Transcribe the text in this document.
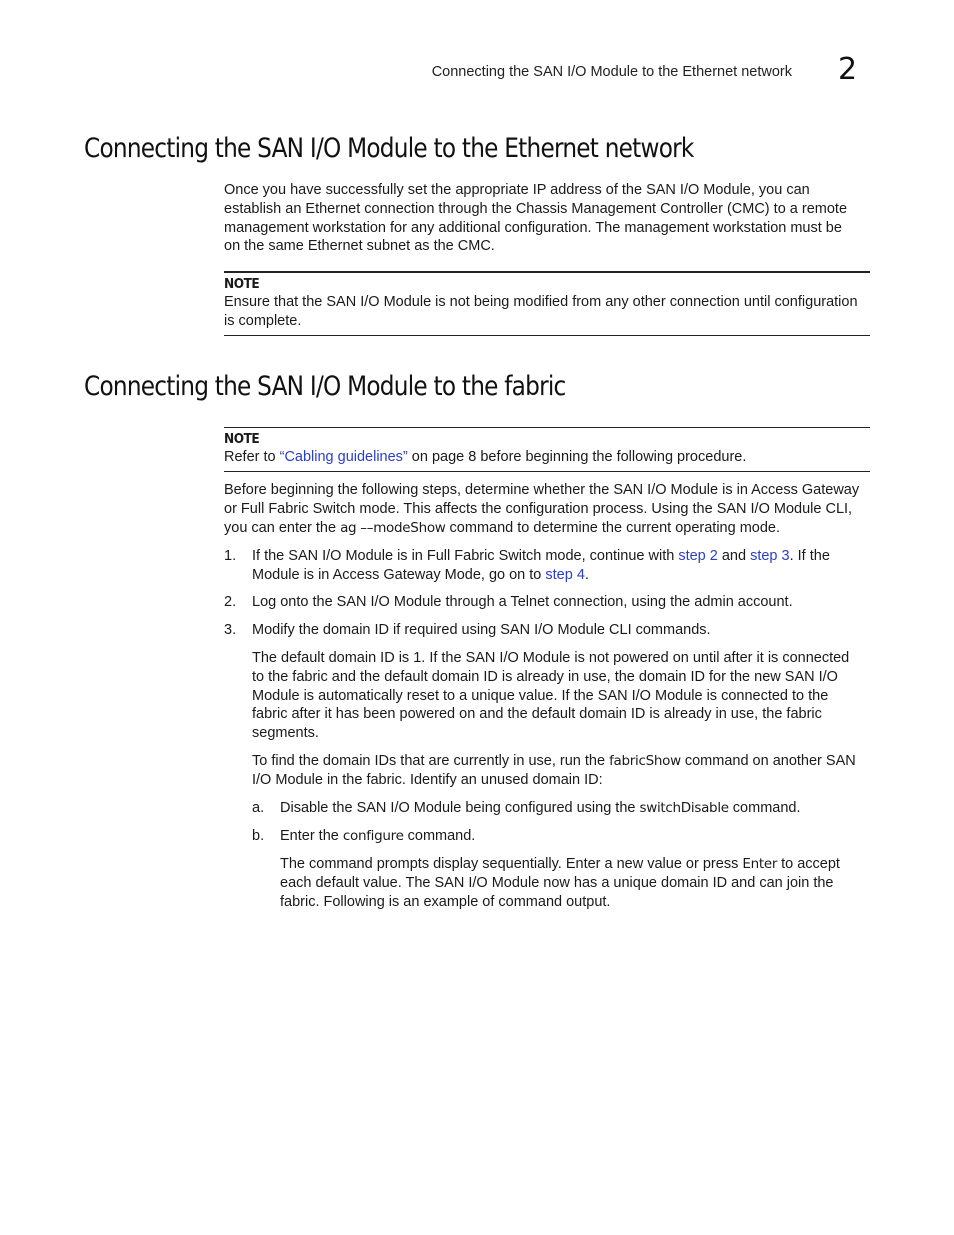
Connecting the SAN I/O Module to the Ethernet network 2
Connecting the SAN I/O Module to the Ethernet network
Once you have successfully set the appropriate IP address of the SAN I/O Module, you can
establish an Ethernet connection through the Chassis Management Controller (CMC) to a remote
management workstation for any additional configuration. The management workstation must be
on the same Ethernet subnet as the CMC.
NOTE
Ensure that the SAN I/O Module is not being modified from any other connection until configuration
is complete.
Connecting the SAN I/O Module to the fabric
NOTE
Refer to “Cabling guidelines” on page 8 before beginning the following procedure.
Before beginning the following steps, determine whether the SAN I/O Module is in Access Gateway
or Full Fabric Switch mode. This affects the configuration process. Using the SAN I/O Module CLI,
you can enter the ag ––modeShow command to determine the current operating mode.
1. If the SAN I/O Module is in Full Fabric Switch mode, continue with step 2 and step 3. If the
Module is in Access Gateway Mode, go on to step 4.
2. Log onto the SAN I/O Module through a Telnet connection, using the admin account.
3. Modify the domain ID if required using SAN I/O Module CLI commands.
The default domain ID is 1. If the SAN I/O Module is not powered on until after it is connected
to the fabric and the default domain ID is already in use, the domain ID for the new SAN I/O
Module is automatically reset to a unique value. If the SAN I/O Module is connected to the
fabric after it has been powered on and the default domain ID is already in use, the fabric
segments.
To find the domain IDs that are currently in use, run the fabricShow command on another SAN
I/O Module in the fabric. Identify an unused domain ID:
a. Disable the SAN I/O Module being configured using the switchDisable command.
b. Enter the configure command.
The command prompts display sequentially. Enter a new value or press Enter to accept
each default value. The SAN I/O Module now has a unique domain ID and can join the
fabric. Following is an example of command output.
